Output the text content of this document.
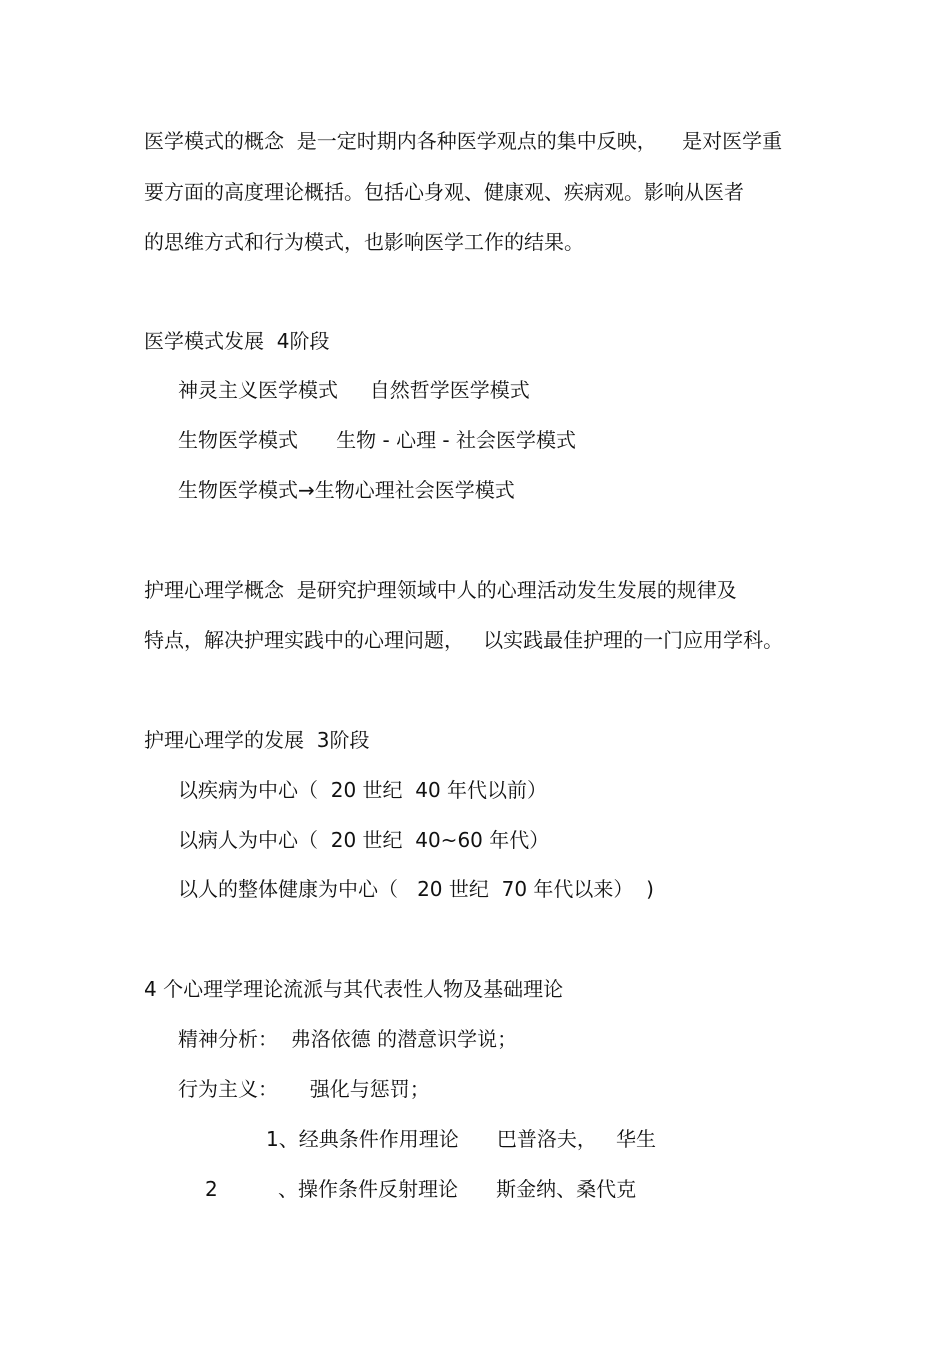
医学模式的概念  是一定时期内各种医学观点的集中反映，    是对医学重
要方面的高度理论概括。包括心身观、健康观、疾病观。影响从医者
的思维方式和行为模式，也影响医学工作的结果。
医学模式发展  4阶段
神灵主义医学模式     自然哲学医学模式
生物医学模式      生物 - 心理 - 社会医学模式
生物医学模式→生物心理社会医学模式
护理心理学概念  是研究护理领域中人的心理活动发生发展的规律及
特点，解决护理实践中的心理问题，   以实践最佳护理的一门应用学科。
护理心理学的发展  3阶段
以疾病为中心（  20 世纪  40 年代以前）
以病人为中心（  20 世纪  40~60 年代）
以人的整体健康为中心（   20 世纪  70 年代以来）  )
4 个心理学理论流派与其代表性人物及基础理论
精神分析：  弗洛依德 的潜意识学说；
行为主义：     强化与惩罚；
1、经典条件作用理论      巴普洛夫，   华生
2	、操作条件反射理论      斯金纳、桑代克
